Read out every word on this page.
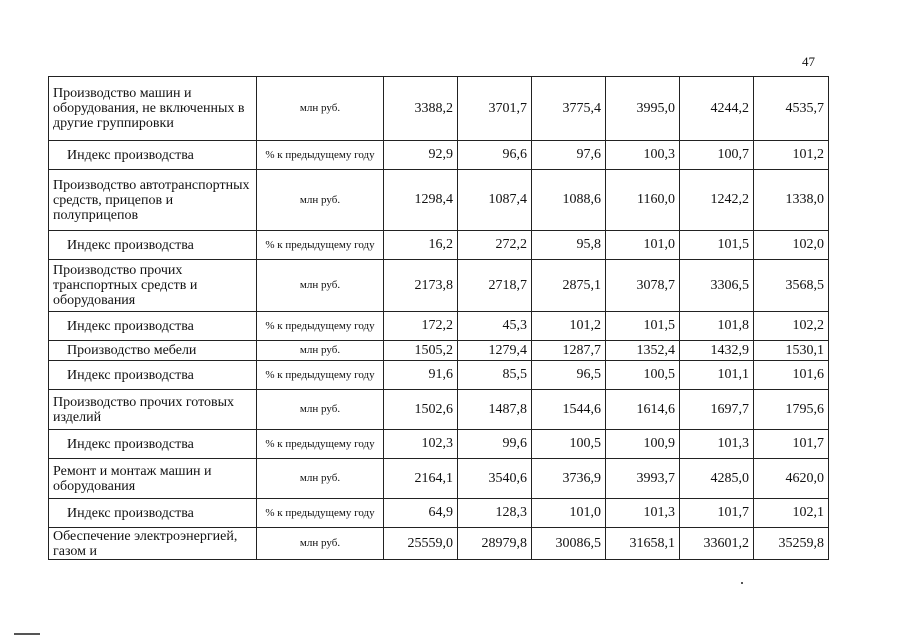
47
Производство машин и оборудования, не включенных в другие группировки	млн руб.	3388,2	3701,7	3775,4	3995,0	4244,2	4535,7
Индекс производства	% к предыдущему году	92,9	96,6	97,6	100,3	100,7	101,2
Производство автотранспортных средств, прицепов и полуприцепов	млн руб.	1298,4	1087,4	1088,6	1160,0	1242,2	1338,0
Индекс производства	% к предыдущему году	16,2	272,2	95,8	101,0	101,5	102,0
Производство прочих транспортных средств и оборудования	млн руб.	2173,8	2718,7	2875,1	3078,7	3306,5	3568,5
Индекс производства	% к предыдущему году	172,2	45,3	101,2	101,5	101,8	102,2
Производство мебели	млн руб.	1505,2	1279,4	1287,7	1352,4	1432,9	1530,1
Индекс производства	% к предыдущему году	91,6	85,5	96,5	100,5	101,1	101,6
Производство прочих готовых изделий	млн руб.	1502,6	1487,8	1544,6	1614,6	1697,7	1795,6
Индекс производства	% к предыдущему году	102,3	99,6	100,5	100,9	101,3	101,7
Ремонт и монтаж машин и оборудования	млн руб.	2164,1	3540,6	3736,9	3993,7	4285,0	4620,0
Индекс производства	% к предыдущему году	64,9	128,3	101,0	101,3	101,7	102,1
Обеспечение электроэнергией, газом и	млн руб.	25559,0	28979,8	30086,5	31658,1	33601,2	35259,8
